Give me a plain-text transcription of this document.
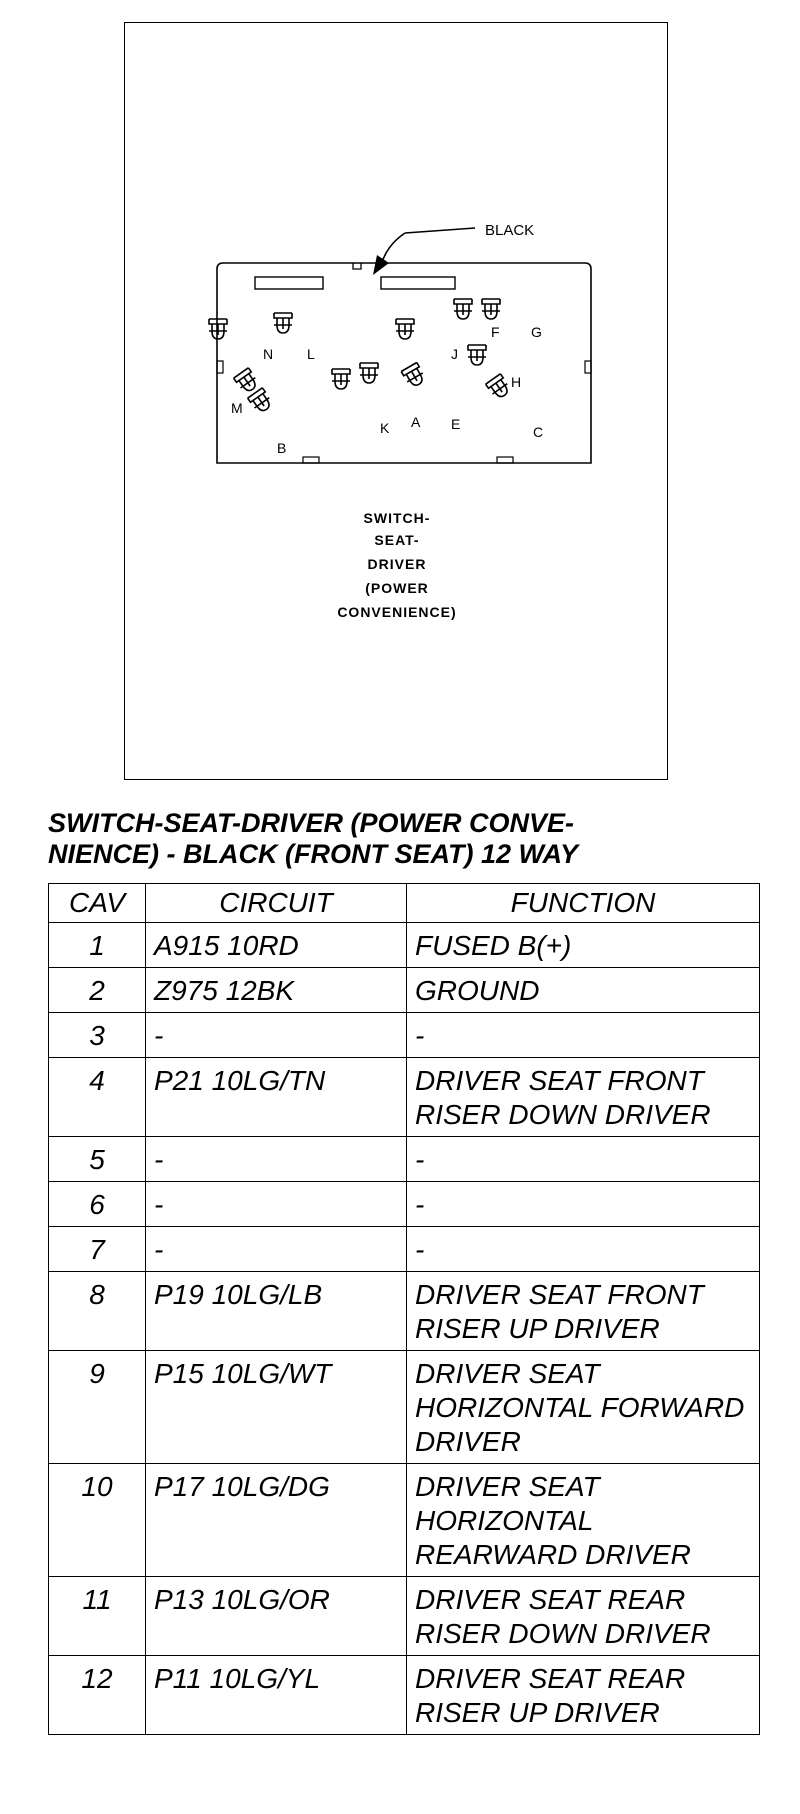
BLACK
N L	J
F G
H
M
B
K A E	C
SWITCH-
SEAT-
DRIVER
(POWER
CONVENIENCE)
SWITCH-SEAT-DRIVER (POWER CONVE-
NIENCE) - BLACK (FRONT SEAT) 12 WAY
CAV	CIRCUIT	FUNCTION
1	A915 10RD	FUSED B(+)

2	Z975 12BK	GROUND

3	-	-

4	P21 10LG/TN	DRIVER SEAT FRONT
RISER DOWN DRIVER

5	-	-

6	-	-

7	-	-

8	P19 10LG/LB	DRIVER SEAT FRONT
RISER UP DRIVER

9	P15 10LG/WT	DRIVER SEAT
HORIZONTAL FORWARD
DRIVER

10	P17 10LG/DG	DRIVER SEAT
HORIZONTAL
REARWARD DRIVER

11	P13 10LG/OR	DRIVER SEAT REAR
RISER DOWN DRIVER

12	P11 10LG/YL	DRIVER SEAT REAR
RISER UP DRIVER
